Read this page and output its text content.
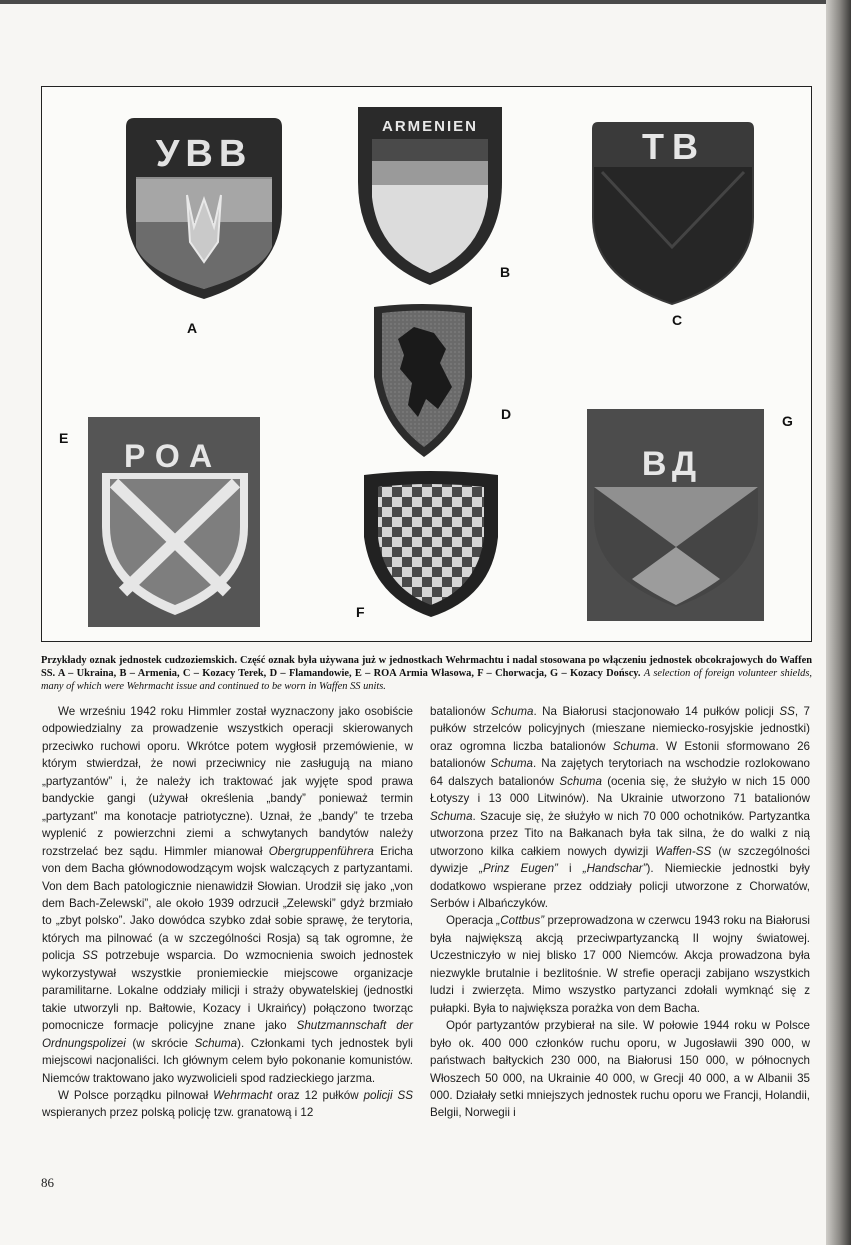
УВВ
A
ARMENIEN
B
ТВ
C
D
РОА
E
F
ВД
G
Przykłady oznak jednostek cudzoziemskich. Część oznak była używana już w jednostkach Wehrmachtu i nadal stosowana po włączeniu jednostek obcokrajowych do Waffen SS. A – Ukraina, B – Armenia, C – Kozacy Terek, D – Flamandowie, E – ROA Armia Własowa, F – Chorwacja, G – Kozacy Dońscy. A selection of foreign volunteer shields, many of which were Wehrmacht issue and continued to be worn in Waffen SS units.

We wrześniu 1942 roku Himmler został wyznaczony jako osobiście odpowiedzialny za prowadzenie wszystkich operacji skierowanych przeciwko ruchowi oporu. Wkrótce potem wygłosił przemówienie, w którym stwierdzał, że nowi przeciwnicy nie zasługują na miano „partyzantów” i, że należy ich traktować jak wyjęte spod prawa bandyckie gangi (używał określenia „bandy” ponieważ termin „partyzant” ma konotacje patriotyczne). Uznał, że „bandy” te trzeba wyplenić z powierzchni ziemi a schwytanych bandytów należy rozstrzelać bez sądu. Himmler mianował Obergruppenführera Ericha von dem Bacha głównodowodzącym wojsk walczących z partyzantami. Von dem Bach patologicznie nienawidził Słowian. Urodził się jako „von dem Bach-Zelewski”, ale około 1939 odrzucił „Zelewski” gdyż brzmiało to „zbyt polsko”. Jako dowódca szybko zdał sobie sprawę, że terytoria, których ma pilnować (a w szczególności Rosja) są tak ogromne, że policja SS potrzebuje wsparcia. Do wzmocnienia swoich jednostek wykorzystywał wszystkie proniemieckie miejscowe organizacje paramilitarne. Lokalne oddziały milicji i straży obywatelskiej (jednostki takie utworzyli np. Bałtowie, Kozacy i Ukraińcy) połączono tworząc pomocnicze formacje policyjne znane jako Shutzmannschaft der Ordnungspolizei (w skrócie Schuma). Członkami tych jednostek byli miejscowi nacjonaliści. Ich głównym celem było pokonanie komunistów. Niemców traktowano jako wyzwolicieli spod radzieckiego jarzma.

W Polsce porządku pilnował Wehrmacht oraz 12 pułków policji SS wspieranych przez polską policję tzw. granatową i 12

batalionów Schuma. Na Białorusi stacjonowało 14 pułków policji SS, 7 pułków strzelców policyjnych (mieszane niemiecko-rosyjskie jednostki) oraz ogromna liczba batalionów Schuma. W Estonii sformowano 26 batalionów Schuma. Na zajętych terytoriach na wschodzie rozlokowano 64 dalszych batalionów Schuma (ocenia się, że służyło w nich 15 000 Łotyszy i 13 000 Litwinów). Na Ukrainie utworzono 71 batalionów Schuma. Szacuje się, że służyło w nich 70 000 ochotników. Partyzantka utworzona przez Tito na Bałkanach była tak silna, że do walki z nią utworzono kilka całkiem nowych dywizji Waffen-SS (w szczególności dywizje „Prinz Eugen” i „Handschar”). Niemieckie jednostki były dodatkowo wspierane przez oddziały policji utworzone z Chorwatów, Serbów i Albańczyków.

Operacja „Cottbus” przeprowadzona w czerwcu 1943 roku na Białorusi była największą akcją przeciwpartyzancką II wojny światowej. Uczestniczyło w niej blisko 17 000 Niemców. Akcja prowadzona była niezwykle brutalnie i bezlitośnie. W strefie operacji zabijano wszystkich ludzi i zwierzęta. Mimo wszystko partyzanci zdołali wymknąć się z pułapki. Była to największa porażka von dem Bacha.

Opór partyzantów przybierał na sile. W połowie 1944 roku w Polsce było ok. 400 000 członków ruchu oporu, w Jugosławii 390 000, w państwach bałtyckich 230 000, na Białorusi 150 000, w północnych Włoszech 50 000, na Ukrainie 40 000, w Grecji 40 000, a w Albanii 35 000. Działały setki mniejszych jednostek ruchu oporu we Francji, Holandii, Belgii, Norwegii i

86
